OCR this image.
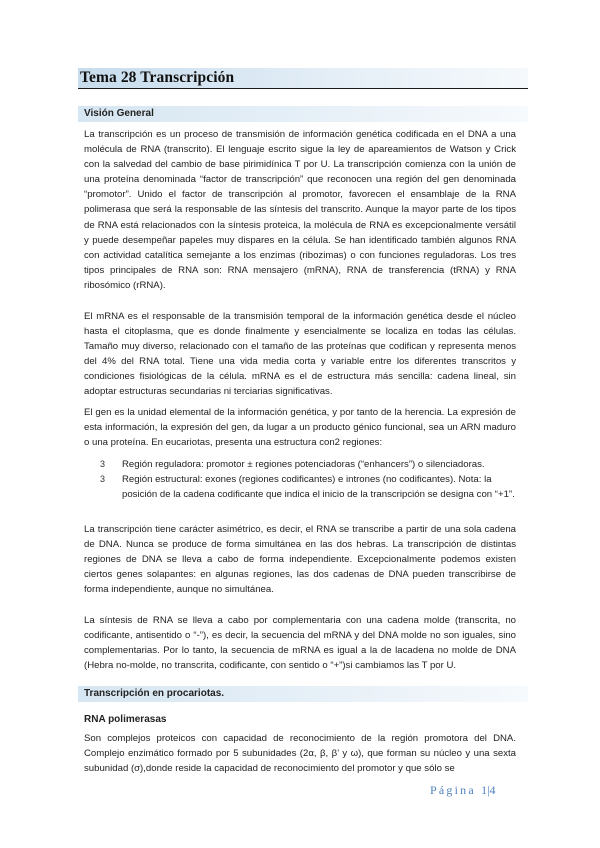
Tema 28 Transcripción
Visión General

La transcripción es un proceso de transmisión de información genética codificada en el DNA a una molécula de RNA (transcrito). El lenguaje escrito sigue la ley de apareamientos de Watson y Crick con la salvedad del cambio de base pirimidínica T por U. La transcripción comienza con la unión de una proteína denominada “factor de transcripción” que reconocen una región del gen denominada “promotor”. Unido el factor de transcripción al promotor, favorecen el ensamblaje de la RNA polimerasa que será la responsable de las síntesis del transcrito. Aunque la mayor parte de los tipos de RNA está relacionados con la síntesis proteica, la molécula de RNA es excepcionalmente versátil y puede desempeñar papeles muy dispares en la célula. Se han identificado también algunos RNA con actividad catalítica semejante a los enzimas (ribozimas) o con funciones reguladoras. Los tres tipos principales de RNA son: RNA mensajero (mRNA), RNA de transferencia (tRNA) y RNA ribosómico (rRNA).

El mRNA es el responsable de la transmisión temporal de la información genética desde el núcleo hasta el citoplasma, que es donde finalmente y esencialmente se localiza en todas las células. Tamaño muy diverso, relacionado con el tamaño de las proteínas que codifican y representa menos del 4% del RNA total. Tiene una vida media corta y variable entre los diferentes transcritos y condiciones fisiológicas de la célula. mRNA es el de estructura más sencilla: cadena lineal, sin adoptar estructuras secundarias ni terciarias significativas.

El gen es la unidad elemental de la información genética, y por tanto de la herencia. La expresión de esta información, la expresión del gen, da lugar a un producto génico funcional, sea un ARN maduro o una proteína. En eucariotas, presenta una estructura con2 regiones:

3 Región reguladora: promotor ± regiones potenciadoras (“enhancers”) o silenciadoras.
3 Región estructural: exones (regiones codificantes) e intrones (no codificantes). Nota: la posición de la cadena codificante que indica el inicio de la transcripción se designa con “+1”.

La transcripción tiene carácter asimétrico, es decir, el RNA se transcribe a partir de una sola cadena de DNA. Nunca se produce de forma simultánea en las dos hebras. La transcripción de distintas regiones de DNA se lleva a cabo de forma independiente. Excepcionalmente podemos existen ciertos genes solapantes: en algunas regiones, las dos cadenas de DNA pueden transcribirse de forma independiente, aunque no simultánea.

La síntesis de RNA se lleva a cabo por complementaria con una cadena molde (transcrita, no codificante, antisentido o “-”), es decir, la secuencia del mRNA y del DNA molde no son iguales, sino complementarias. Por lo tanto, la secuencia de mRNA es igual a la de lacadena no molde de DNA (Hebra no-molde, no transcrita, codificante, con sentido o “+”)si cambiamos las T por U.

Transcripción en procariotas.
RNA polimerasas

Son complejos proteicos con capacidad de reconocimiento de la región promotora del DNA. Complejo enzimático formado por 5 subunidades (2α, β, β’ y ω), que forman su núcleo y una sexta subunidad (σ),donde reside la capacidad de reconocimiento del promotor y que sólo se

Página 1|4
